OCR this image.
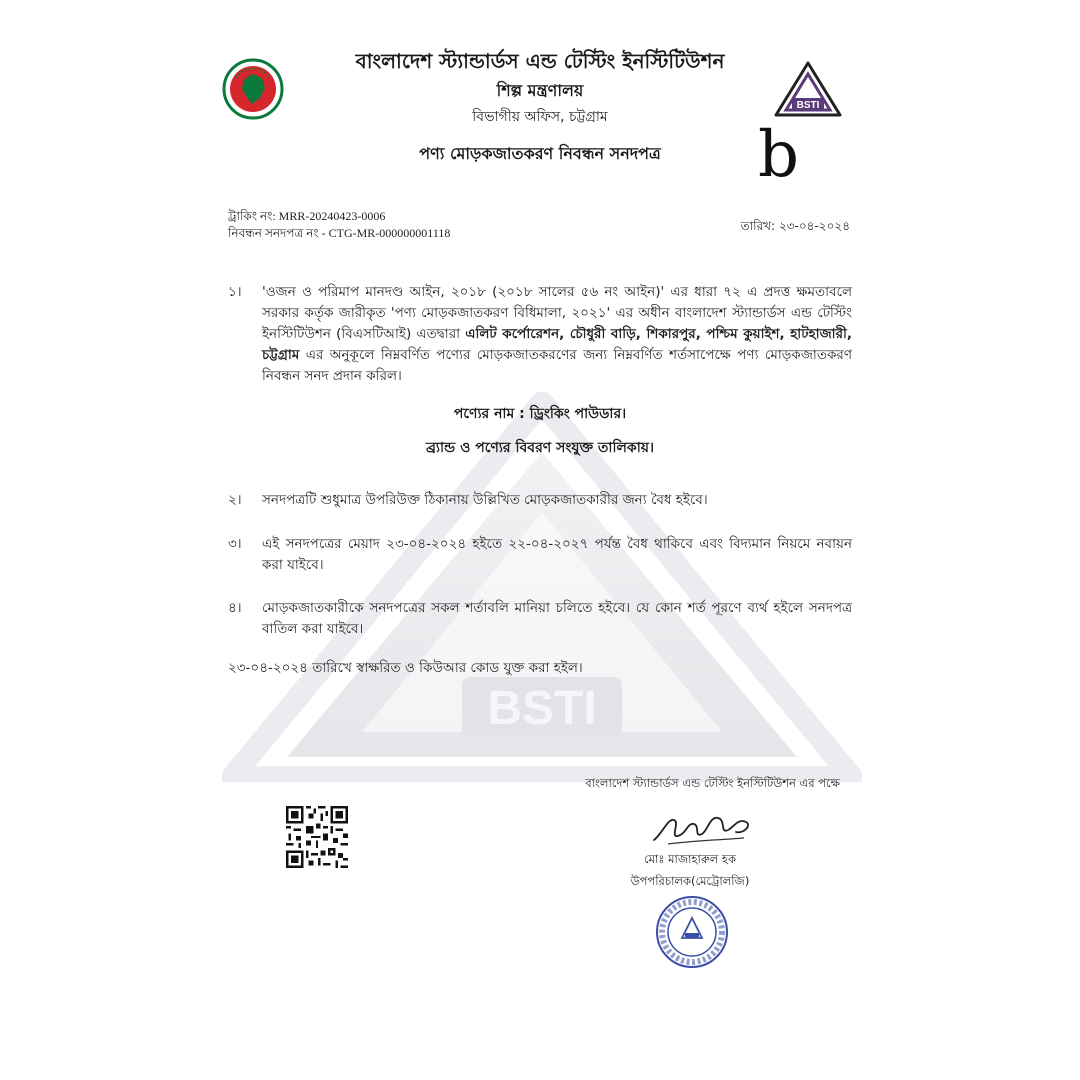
BSTI
BSTI
বাংলাদেশ স্ট্যান্ডার্ডস এন্ড টেস্টিং ইনস্টিটিউশন
শিল্প মন্ত্রণালয়
বিভাগীয় অফিস, চট্টগ্রাম
পণ্য মোড়কজাতকরণ নিবন্ধন সনদপত্র	b
ট্রাকিং নং: MRR-20240423-0006
নিবন্ধন সনদপত্র নং - CTG-MR-000000001118	তারিখ: ২৩-০৪-২০২৪
১।	'ওজন ও পরিমাপ মানদণ্ড আইন, ২০১৮ (২০১৮ সালের ৫৬ নং আইন)' এর ধারা ৭২ এ প্রদত্ত ক্ষমতাবলে সরকার কর্তৃক জারীকৃত 'পণ্য মোড়কজাতকরণ বিধিমালা, ২০২১' এর অধীন বাংলাদেশ স্ট্যান্ডার্ডস এন্ড টেস্টিং ইনস্টিটিউশন (বিএসটিআই) এতদ্বারা এলিট কর্পোরেশন, চৌধুরী বাড়ি, শিকারপুর, পশ্চিম কুয়াইশ, হাটহাজারী, চট্টগ্রাম এর অনুকূলে নিম্নবর্ণিত পণ্যের মোড়কজাতকরণের জন্য নিম্নবর্ণিত শর্তসাপেক্ষে পণ্য মোড়কজাতকরণ নিবন্ধন সনদ প্রদান করিল।
পণ্যের নাম : ড্রিংকিং পাউডার।
ব্র্যান্ড ও পণ্যের বিবরণ সংযুক্ত তালিকায়।
২।	সনদপত্রটি শুধুমাত্র উপরিউক্ত ঠিকানায় উল্লিখিত মোড়কজাতকারীর জন্য বৈধ হইবে।
৩।	এই সনদপত্রের মেয়াদ ২৩-০৪-২০২৪ হইতে ২২-০৪-২০২৭ পর্যন্ত বৈধ থাকিবে এবং বিদ্যমান নিয়মে নবায়ন করা যাইবে।
৪।	মোড়কজাতকারীকে সনদপত্রের সকল শর্তাবলি মানিয়া চলিতে হইবে। যে কোন শর্ত পূরণে ব্যর্থ হইলে সনদপত্র বাতিল করা যাইবে।
২৩-০৪-২০২৪ তারিখে স্বাক্ষরিত ও কিউআর কোড যুক্ত করা হইল।
বাংলাদেশ স্ট্যান্ডার্ডস এন্ড টেস্টিং ইনস্টিটিউশন এর পক্ষে
মোঃ মাজাহারুল হক
উপপরিচালক(মেট্রোলজি)
